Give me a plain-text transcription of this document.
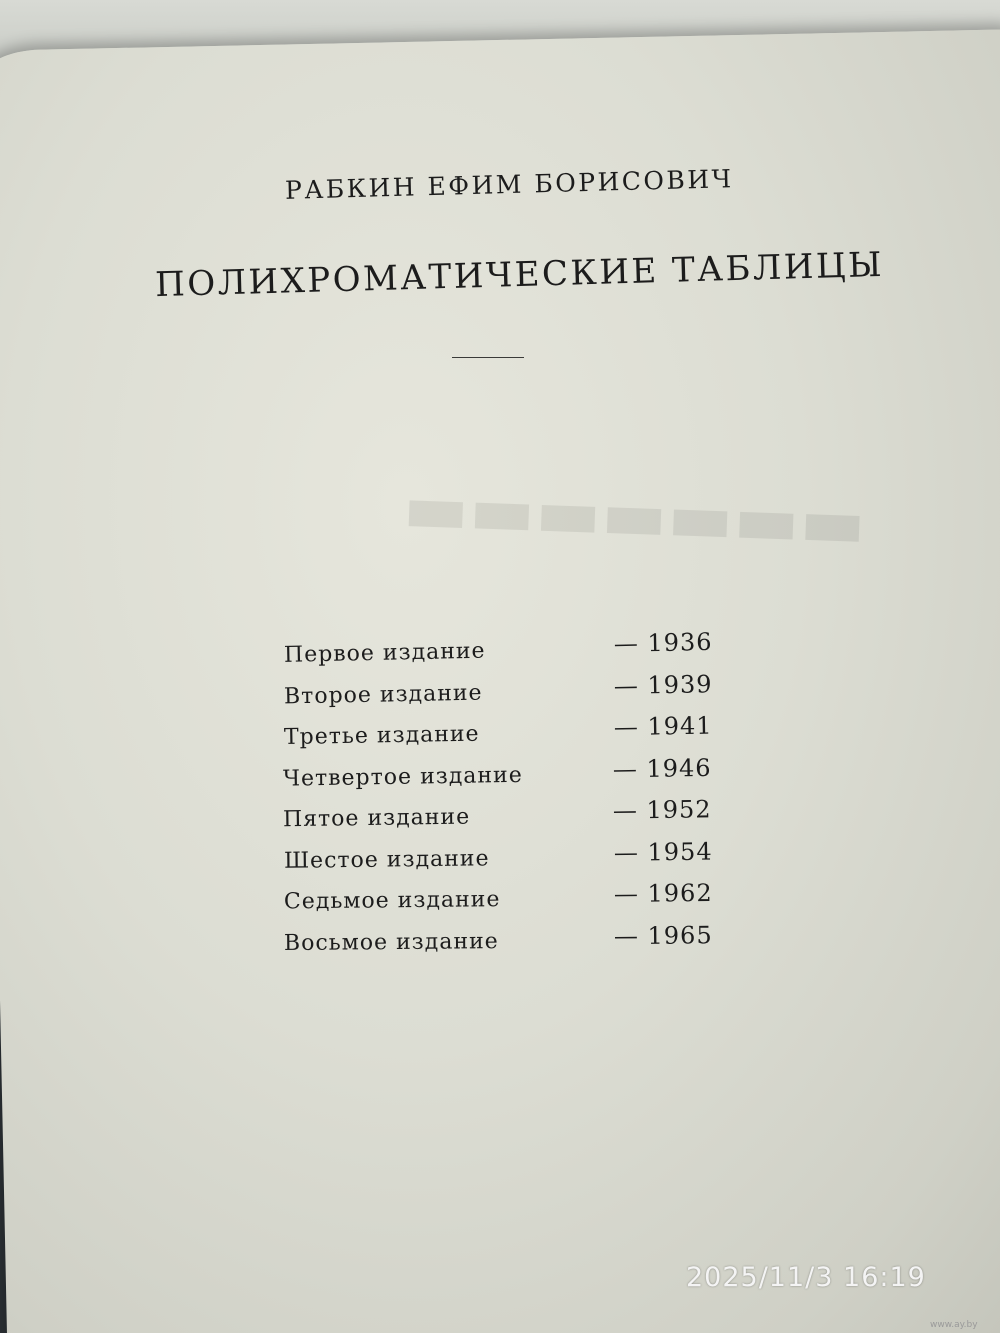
▬▬▬▬▬▬▬
РАБКИН ЕФИМ БОРИСОВИЧ
ПОЛИХРОМАТИЧЕСКИЕ ТАБЛИЦЫ
Первое издание	— 1936
Второе издание	— 1939
Третье издание	— 1941
Четвертое издание	— 1946
Пятое издание	— 1952
Шестое издание	— 1954
Седьмое издание	— 1962
Восьмое издание	— 1965
2025/11/3 16:19
www.ay.by
